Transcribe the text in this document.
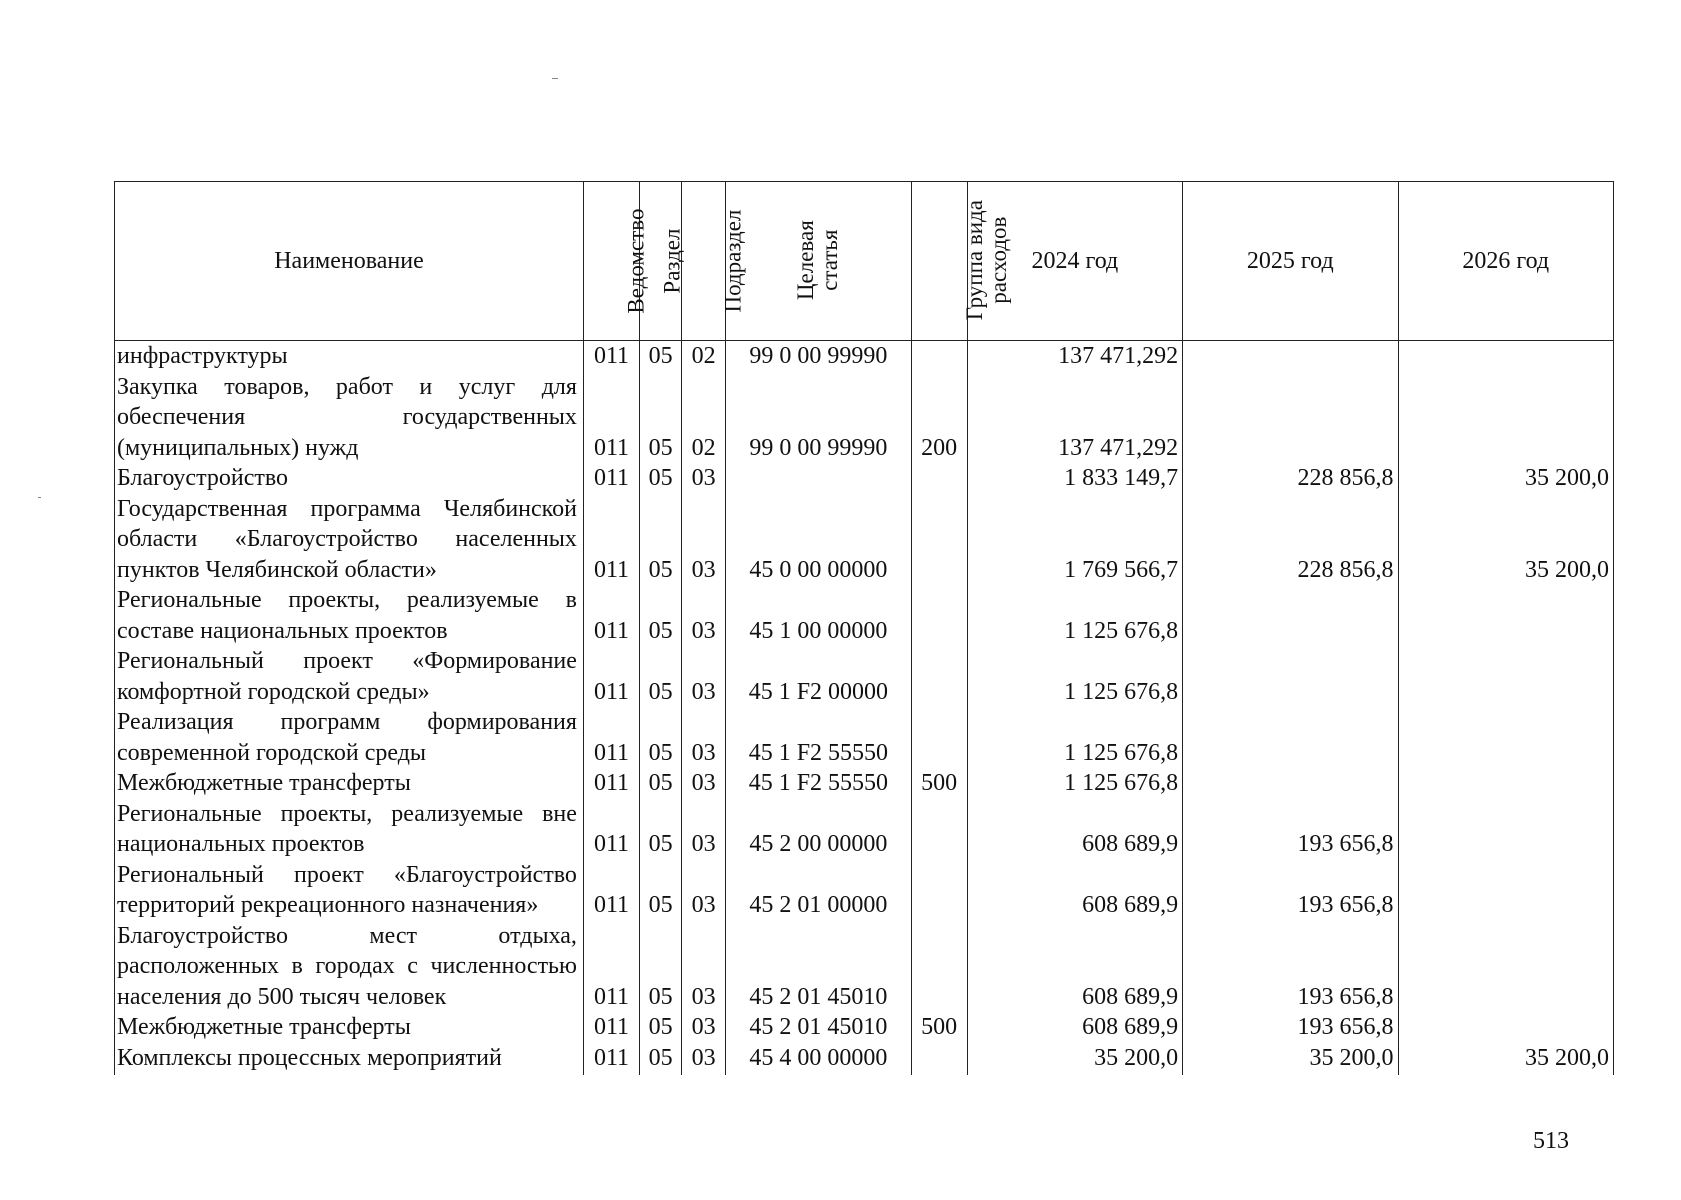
Наименование	Ведомство	Раздел	Подраздел	Целевая статья	Группа вида расходов	2024 год	2025 год	2026 год
инфраструктуры	011	05	02	99 0 00 99990		137 471,292		
Закупка товаров, работ и услуг для обеспечения государственных (муниципальных) нужд	011	05	02	99 0 00 99990	200	137 471,292		
Благоустройство	011	05	03			1 833 149,7	228 856,8	35 200,0
Государственная программа Челябинской области «Благоустройство населенных пунктов Челябинской области»	011	05	03	45 0 00 00000		1 769 566,7	228 856,8	35 200,0
Региональные проекты, реализуемые в составе национальных проектов	011	05	03	45 1 00 00000		1 125 676,8		
Региональный проект «Формирование комфортной городской среды»	011	05	03	45 1 F2 00000		1 125 676,8		
Реализация программ формирования современной городской среды	011	05	03	45 1 F2 55550		1 125 676,8		
Межбюджетные трансферты	011	05	03	45 1 F2 55550	500	1 125 676,8		
Региональные проекты, реализуемые вне национальных проектов	011	05	03	45 2 00 00000		608 689,9	193 656,8	
Региональный проект «Благоустройство территорий рекреационного назначения»	011	05	03	45 2 01 00000		608 689,9	193 656,8	
Благоустройство мест отдыха, расположенных в городах с численностью населения до 500 тысяч человек	011	05	03	45 2 01 45010		608 689,9	193 656,8	
Межбюджетные трансферты	011	05	03	45 2 01 45010	500	608 689,9	193 656,8	
Комплексы процессных мероприятий	011	05	03	45 4 00 00000		35 200,0	35 200,0	35 200,0
513
